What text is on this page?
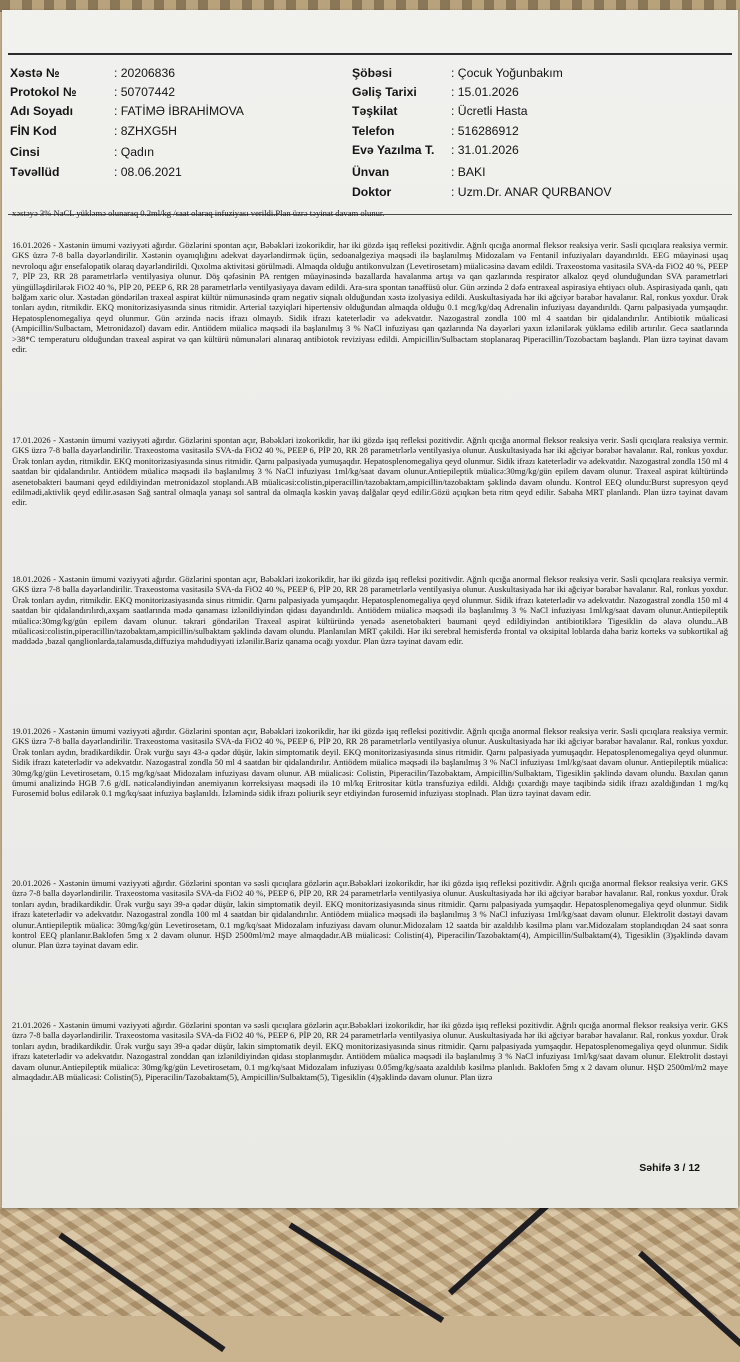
Xəstə №	: 20206836
Protokol №	: 50707442
Adı Soyadı	: FATİMƏ İBRAHİMOVA
FİN Kod	: 8ZHXG5H
Cinsi	: Qadın
Təvəllüd	: 08.06.2021
Şöbəsi	: Çocuk Yoğunbakım
Gəliş Tarixi	: 15.01.2026
Təşkilat	: Ücretli Hasta
Telefon	: 516286912
Evə Yazılma T. : 31.01.2026
Ünvan	: BAKI
Doktor	: Uzm.Dr. ANAR QURBANOV
xəstəyə 3% NaCL yükləmə olunaraq 0.2ml/kg /saat olaraq infuziyası verildi.Plan üzrə təyinat davam olunur.
16.01.2026 - Xəstənin ümumi vəziyyəti ağırdır. Gözlərini spontan açır, Bəbəkləri izokorikdir, hər iki gözdə işıq refleksi pozitivdir. Ağrılı qıcığa anormal fleksor reaksiya verir. Səsli qıcıqlara reaksiya vermir. GKS üzrə 7-8 balla dəyərləndirilir. Xəstənin oyanıqlığını adekvat dəyərləndirmək üçün, sedoanalgeziya məqsədi ilə başlanılmış Midozalam və Fentanil infuziyaları dayandırıldı. EEG müayinəsi uşaq nevroloqu ağır ensefalopatik olaraq dəyərləndirildi. Qıxolma aktivitəsi görülmədi. Almaqda olduğu antikonvulzan (Levetirosetam) müalicəsinə davam edildi. Traxeostoma vasitəsilə SVA-da FiO2 40 %, PEEP 7, PİP 23, RR 28 parametrlərlə ventilyasiya olunur. Döş qəfəsinin PA rentgen müayinəsində bazallarda havalanma artışı və qan qazlarında respirator alkaloz qeyd olunduğundan SVA parametrləri yüngülləşdirilərək FiO2 40 %, PİP 20, PEEP 6, RR 28 parametrlərlə ventilyasiyaya davam edildi. Ara-sıra spontan tənəffüsü olur. Gün ərzində 2 dəfə entraxeal aspirasiya ehtiyacı olub. Aspirasiyada qanlı, qatı bəlğəm xaric olur. Xəstədən göndərilən traxeal aspirat kültür nümunəsində qram negativ siqnalı olduğundan xəstə izolyasiya edildi. Auskultasiyada hər iki ağciyər bərabər havalanır. Ral, ronkus yoxdur. Ürək tonları aydın, ritmikdir. EKQ monitorizasiyasında sinus ritmidir. Arterial təzyiqləri hipertensiv olduğundan almaqda olduğu 0.1 mcg/kg/dəq Adrenalin infuziyası dayandırıldı. Qarnı palpasiyada yumşaqdır. Hepatosplenomegaliya qeyd olunmur. Gün ərzində nəcis ifrazı olmayıb. Sidik ifrazı kateterlədir və adekvatdır. Nazogastral zondla 100 ml 4 saatdan bir qidalandırılır. Antibiotik müalicəsi (Ampicillin/Sulbactam, Metronidazol) davam edir. Antiödem müalicə məqsədi ilə başlanılmış 3 % NaCl infuziyası qan qazlarında Na dəyərləri yaxın izlənilərək yükləmə edilib artırılır. Gecə saatlarında >38*C temperaturu olduğundan traxeal aspirat və qan kültürü nümunələri alınaraq antibiotok reviziyası edildi. Ampicillin/Sulbactam stoplanaraq Piperacillin/Tozobactam başlandı. Plan üzrə təyinat davam edir.
17.01.2026 - Xəstənin ümumi vəziyyəti ağırdır. Gözlərini spontan açır, Bəbəkləri izokorikdir, hər iki gözdə işıq refleksi pozitivdir. Ağrılı qıcığa anormal fleksor reaksiya verir. Səsli qıcıqlara reaksiya vermir. GKS üzrə 7-8 balla dəyərləndirilir. Traxeostoma vasitəsilə SVA-da FiO2 40 %, PEEP 6, PİP 20, RR 28 parametrlərlə ventilyasiya olunur. Auskultasiyada hər iki ağciyər bərabər havalanır. Ral, ronkus yoxdur. Ürək tonları aydın, ritmikdir. EKQ monitorizasiyasında sinus ritmidir. Qarnı palpasiyada yumuşaqdır. Hepatosplenomegaliya qeyd olunmur. Sidik ifrazı kateterlədir və adekvatdır. Nazogastral zondla 150 ml 4 saatdan bir qidalandırılır. Antiödem müalicə məqsədi ilə başlanılmış 3 % NaCl infuziyası 1ml/kg/saat davam olunur.Antiepileptik müalicə:30mg/kg/gün epilem davam olunur. Traxeal aspirat kültüründə asenetobakteri baumani qeyd edildiyindən metronidazol stoplandı.AB müalicəsi:colistin,piperacillin/tazobaktam,ampicillin/tazobaktam şəklində davam olundu. Kontrol EEQ olundu:Burst supresyon qeyd edilmədi,aktivlik qeyd edilir.əsasən Sağ santral olmaqla yanaşı sol santral da olmaqla kəskin yavaş dalğalar qeyd edilir.Gözü açıqkən beta ritm qeyd edilir. Sabaha MRT planlandı. Plan üzrə təyinat davam edir.
18.01.2026 - Xəstənin ümumi vəziyyəti ağırdır. Gözlərini spontan açır, Bəbəkləri izokorikdir, hər iki gözdə işıq refleksi pozitivdir. Ağrılı qıcığa anormal fleksor reaksiya verir. Səsli qıcıqlara reaksiya vermir. GKS üzrə 7-8 balla dəyərləndirilir. Traxeostoma vasitəsilə SVA-da FiO2 40 %, PEEP 6, PİP 20, RR 28 parametrlərlə ventilyasiya olunur. Auskultasiyada hər iki ağciyər bərabər havalanır. Ral, ronkus yoxdur. Ürək tonları aydın, ritmikdir. EKQ monitorizasiyasında sinus ritmidir. Qarnı palpasiyada yumşaqdır. Hepatosplenomegaliya qeyd olunmur. Sidik ifrazı kateterlədir və adekvatdır. Nazogastral zondla 150 ml 4 saatdan bir qidalandırılırdı,axşam saatlarında mədə qanaması izlənildiyindən qidası dayandırıldı. Antiödem müalicə məqsədi ilə başlanılmış 3 % NaCl infuziyası 1ml/kg/saat davam olunur.Antiepileptik müalicə:30mg/kg/gün epilem davam olunur. təkrari göndərilən Traxeal aspirat kültüründə yenədə asenetobakteri baumani qeyd edildiyindən antibiotiklərə Tigesiklin də əlavə olundu..AB müalicəsi:colistin,piperacillin/tazobaktam,ampicillin/sulbaktam şəklində davam olundu. Planlanılan MRT çəkildi. Hər iki serebral hemisferdə frontal və oksipital loblarda daha bariz korteks və subkortikal ağ maddədə ,bazal qanglionlarda,talamusda,diffuziya məhdudiyyəti izlənilir.Bariz qanama ocağı yoxdur. Plan üzrə təyinat davam edir.
19.01.2026 - Xəstənin ümumi vəziyyəti ağırdır. Gözlərini spontan açır, Bəbəkləri izokorikdir, hər iki gözdə işıq refleksi pozitivdir. Ağrılı qıcığa anormal fleksor reaksiya verir. Səsli qıcıqlara reaksiya vermir. GKS üzrə 7-8 balla dəyərləndirilir. Traxeostoma vasitəsilə SVA-da FiO2 40 %, PEEP 6, PİP 20, RR 28 parametrlərlə ventilyasiya olunur. Auskultasiyada hər iki ağciyər bərabər havalanır. Ral, ronkus yoxdur. Ürək tonları aydın, bradikardikdir. Ürək vurğu sayı 43-ə qədər düşür, lakin simptomatik deyil. EKQ monitorizasiyasında sinus ritmidir. Qarnı palpasiyada yumuşaqdır. Hepatosplenomegaliya qeyd olunmur. Sidik ifrazı kateterlədir və adekvatdır. Nazogastral zondla 50 ml 4 saatdan bir qidalandırılır. Antiödem müalicə məqsədi ilə başlanılmış 3 % NaCl infuziyası 1ml/kg/saat davam olunur. Antiepileptik müalicə: 30mg/kg/gün Levetirosetam, 0.15 mg/kg/saat Midozalam infuziyası davam olunur. AB müalicəsi: Colistin, Piperacilin/Tazobaktam, Ampicillin/Sulbaktam, Tigesiklin şəklində davam olundu. Baxılan qanın ümumi analizində HGB 7.6 g/dL nəticələndiyindən anemiyanın korreksiyası məqsədi ilə 10 ml/kq Eritrositar kütlə transfuziya edildi. Aldığı çıxardığı maye taqibində sidik ifrazı azaldığından 1 mg/kq Furosemid bolus edilərək 0.1 mg/kq/saat infuziya başlanıldı. İzləmində sidik ifrazı poliurik seyr etdiyindən furosemid infuziyası stoplnadı. Plan üzrə təyinat davam edir.
20.01.2026 - Xəstənin ümumi vəziyyəti ağırdır. Gözlərini spontan və səsli qıcıqlara gözlərin açır.Bəbəkləri izokorikdir, hər iki gözdə işıq refleksi pozitivdir. Ağrılı qıcığa anormal fleksor reaksiya verir. GKS üzrə 7-8 balla dəyərləndirilir. Traxeostoma vasitəsilə SVA-da FiO2 40 %, PEEP 6, PİP 20, RR 24 parametrlərlə ventilyasiya olunur. Auskultasiyada hər iki ağciyər bərabər havalanır. Ral, ronkus yoxdur. Ürək tonları aydın, bradikardikdir. Ürək vurğu sayı 39-a qədər düşür, lakin simptomatik deyil. EKQ monitorizasiyasında sinus ritmidir. Qarnı palpasiyada yumşaqdır. Hepatosplenomegaliya qeyd olunmur. Sidik ifrazı kateterlədir və adekvatdır. Nazogastral zondla 100 ml 4 saatdan bir qidalandırılır. Antiödem müalicə məqsədi ilə başlanılmış 3 % NaCl infuziyası 1ml/kg/saat davam olunur. Elektrolit dəstəyi davam olunur.Antiepileptik müalicə: 30mg/kg/gün Levetirosetam, 0.1 mg/kq/saat Midozalam infuziyası davam olunur.Midozalam 12 saatda bir azaldılıb kəsilmə planı var.Midozalam stoplandıqdan 24 saat sonra kontrol EEQ planlanır.Baklofen 5mg x 2 davam olunur. HŞD 2500ml/m2 maye almaqdadır.AB müalicəsi: Colistin(4), Piperacilin/Tazobaktam(4), Ampicillin/Sulbaktam(4), Tigesiklin (3)şəklində davam olunur. Plan üzrə təyinat davam edir.
21.01.2026 - Xəstənin ümumi vəziyyəti ağırdır. Gözlərini spontan və səsli qıcıqlara gözlərin açır.Bəbəkləri izokorikdir, hər iki gözdə işıq refleksi pozitivdir. Ağrılı qıcığa anormal fleksor reaksiya verir. GKS üzrə 7-8 balla dəyərləndirilir. Traxeostoma vasitəsilə SVA-da FiO2 40 %, PEEP 6, PİP 20, RR 24 parametrlərlə ventilyasiya olunur. Auskultasiyada hər iki ağciyər bərabər havalanır. Ral, ronkus yoxdur. Ürək tonları aydın, bradikardikdir. Ürək vurğu sayı 39-a qədər düşür, lakin simptomatik deyil. EKQ monitorizasiyasında sinus ritmidir. Qarnı palpasiyada yumşaqdır. Hepatosplenomegaliya qeyd olunmur. Sidik ifrazı kateterlədir və adekvatdır. Nazogastral zonddan qan izlənildiyindən qidası stoplanmışdır. Antiödem müalicə məqsədi ilə başlanılmış 3 % NaCl infuziyası 1ml/kg/saat davam olunur. Elektrolit dəstəyi davam olunur.Antiepileptik müalicə: 30mg/kg/gün Levetirosetam, 0.1 mg/kq/saat Midozalam infuziyası 0.05mg/kg/saata azaldılıb kəsilmə planlıdı. Baklofen 5mg x 2 davam olunur. HŞD 2500ml/m2 maye almaqdadır.AB müalicəsi: Colistin(5), Piperacilin/Tazobaktam(5), Ampicillin/Sulbaktam(5), Tigesiklin (4)şəklində davam olunur. Plan üzrə
Səhifə 3 / 12
